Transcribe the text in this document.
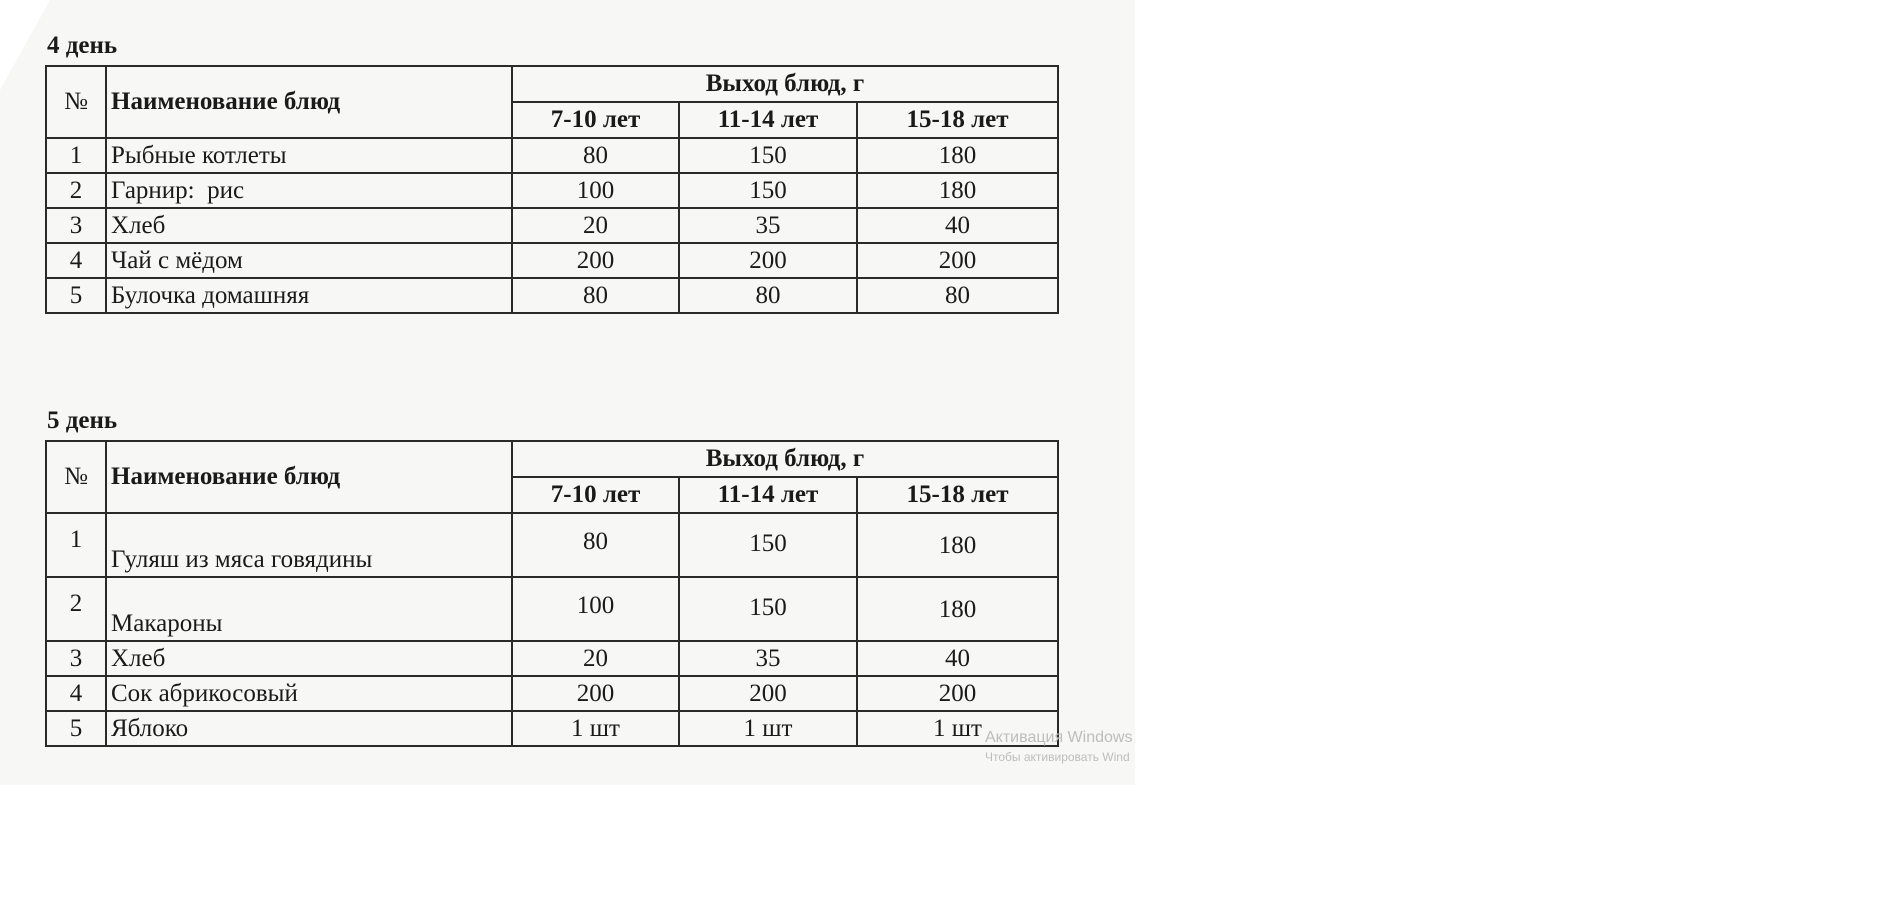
4 день
№	Наименование блюд	Выход блюд, г		
		7-10 лет	11-14 лет	15-18 лет
1	Рыбные котлеты	80	150	180
2	Гарнир:  рис	100	150	180
3	Хлеб	20	35	40
4	Чай с мёдом	200	200	200
5	Булочка домашняя	80	80	80
5 день
№	Наименование блюд	Выход блюд, г		
		7-10 лет	11-14 лет	15-18 лет
1	Гуляш из мяса говядины	80	150	180
2	Макароны	100	150	180
3	Хлеб	20	35	40
4	Сок абрикосовый	200	200	200
5	Яблоко	1 шт	1 шт	1 шт Активация Windows
Чтобы активировать Wind
